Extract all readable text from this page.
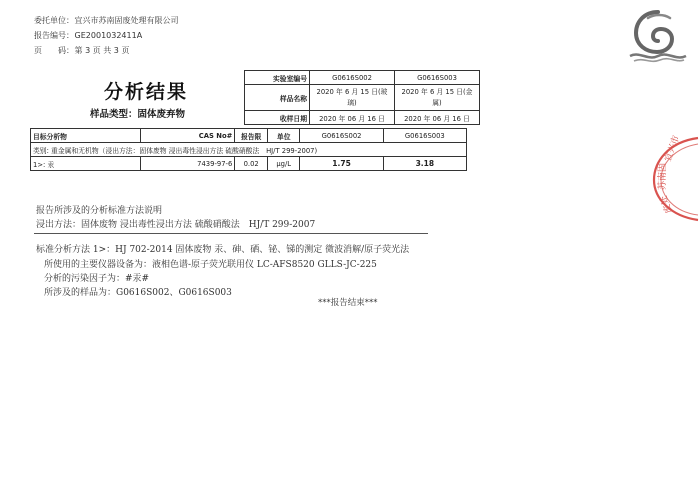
委托单位： 宜兴市苏南固废处理有限公司
报告编号： GE2001032411A
页　　码： 第 3 页 共 3 页
宜兴市
苏南固
废处
分析结果
样品类型：固体废弃物
实验室编号	G0616S002	G0616S003
样品名称	2020 年 6 月 15 日(玻璃)	2020 年 6 月 15 日(金属)
收样日期	2020 年 06 月 16 日	2020 年 06 月 16 日
目标分析物	CAS No#	报告限	单位	G0616S002	G0616S003
类别: 重金属和无机物（浸出方法：固体废物 浸出毒性浸出方法 硫酸硝酸法　HJ/T 299-2007)					
1>: 汞	7439-97-6	0.02	μg/L	1.75	3.18
报告所涉及的分析标准方法说明
浸出方法：固体废物 浸出毒性浸出方法 硫酸硝酸法　HJ/T 299-2007
标准分析方法 1>：HJ 702-2014 固体废物 汞、砷、硒、铋、锑的测定 微波消解/原子荧光法
所使用的主要仪器设备为：液相色谱-原子荧光联用仪 LC-AFS8520 GLLS-JC-225
分析的污染因子为：#汞#
所涉及的样品为：G0616S002、G0616S003
***报告结束***
